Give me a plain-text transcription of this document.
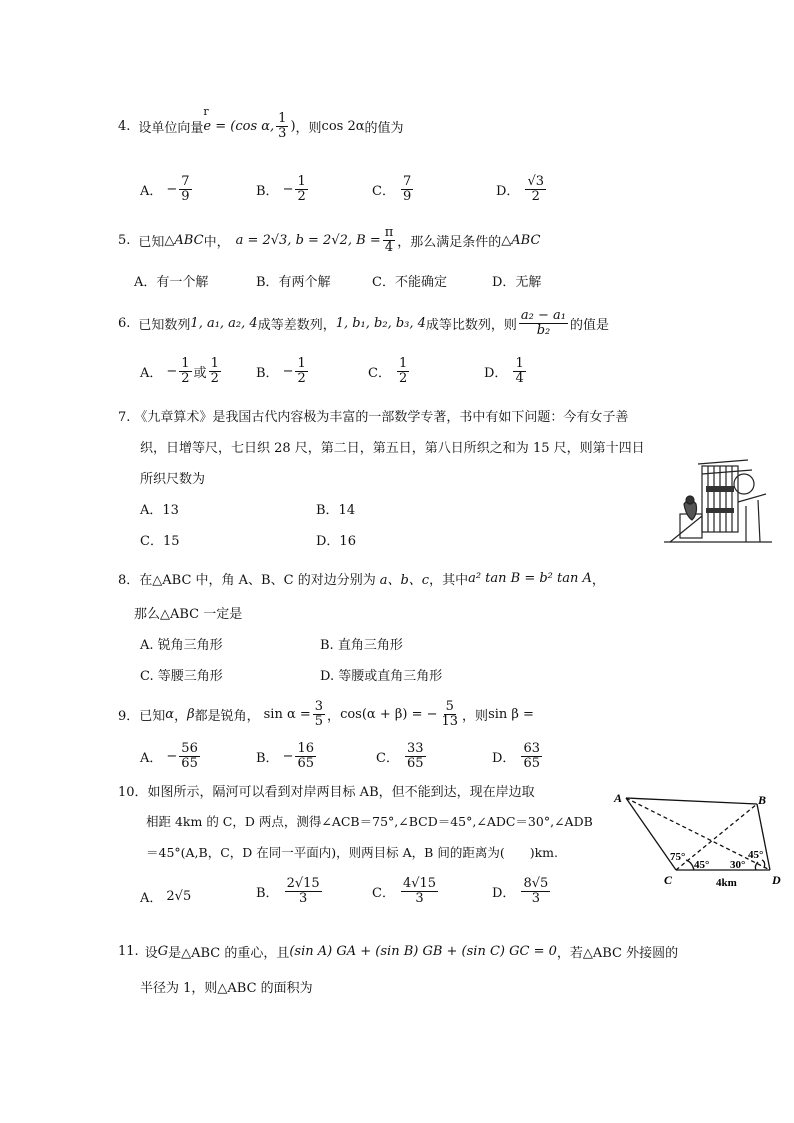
4. 设单位向量
r
e = (cos α, $\frac{1}{3}$ ) ，则 cos 2α 的值为
A． − $\frac{7}{9}$	B． − $\frac{1}{2}$	C． $\frac{7}{9}$	D． $\frac{√3}{2}$
5. 已知 △ABC 中， a = 2√3, b = 2√2, $B = \frac{\pi}{4}$ ，那么满足条件的 △ABC
A．有一个解	B．有两个解	C．不能确定	D．无解
6. 已知数列 1, a₁, a₂, 4 成等差数列， 1, b₁, b₂, b₃, 4 成等比数列，则 $\frac{\text{a₂ − a₁}}{\text{b₂}}$ 的值是
A． − $\frac{1}{2}$ 或 $\frac{1}{2}$	B． − $\frac{1}{2}$	C． $\frac{1}{2}$	D． $\frac{1}{4}$
7. 《九章算术》是我国古代内容极为丰富的一部数学专著，书中有如下问题：今有女子善
织，日增等尺，七日织 28 尺，第二日，第五日，第八日所织之和为 15 尺，则第十四日
所织尺数为
A．13	B．14
C．15	D．16
8． 在△ABC 中，角 A、B、C 的对边分别为 a、b、c ，其中 a² tan B = b² tan A ，
那么△ABC 一定是
A. 锐角三角形	B. 直角三角形
C. 等腰三角形	D. 等腰或直角三角形
9． 已知 α ， β 都是锐角， $\sin \alpha = \frac{3}{5}$ ， cos(α + β) = − $\frac{5}{13}$ ，则 sin β =
A． − $\frac{56}{65}$	B． − $\frac{16}{65}$	C． $\frac{33}{65}$	D． $\frac{63}{65}$
10．如图所示，隔河可以看到对岸两目标 AB，但不能到达，现在岸边取
相距 4km 的 C，D 两点，测得∠ACB＝75°,∠BCD＝45°,∠ADC＝30°,∠ADB
＝45°(A,B，C，D 在同一平面内)，则两目标 A，B 间的距离为(　　)km.
A． 2√5	B． $\frac{2√15}{3}$	C． $\frac{4√15}{3}$	D． $\frac{8√5}{3}$
A	B
C	D
75°
45° 30°
45°
4km
11. 设 G 是△ABC 的重心，且 (sin A) GA + (sin B) GB + (sin C) GC = 0 ，若△ABC 外接圆的
半径为 1，则△ABC 的面积为
